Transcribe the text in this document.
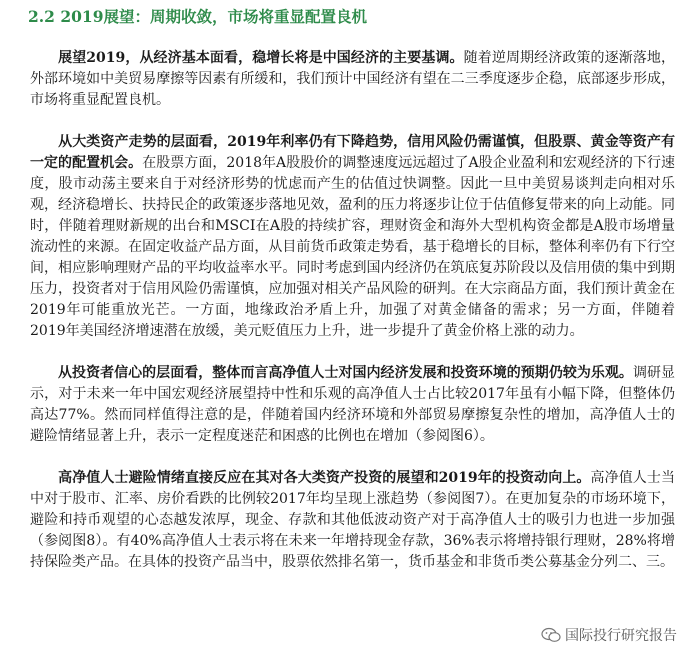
2.2 2019展望：周期收敛，市场将重显配置良机

展望2019，从经济基本面看，稳增长将是中国经济的主要基调。随着逆周期经济政策的逐渐落地，外部环境如中美贸易摩擦等因素有所缓和，我们预计中国经济有望在二三季度逐步企稳，底部逐步形成，市场将重显配置良机。

从大类资产走势的层面看，2019年利率仍有下降趋势，信用风险仍需谨慎，但股票、黄金等资产有一定的配置机会。在股票方面，2018年A股股价的调整速度远远超过了A股企业盈利和宏观经济的下行速度，股市动荡主要来自于对经济形势的忧虑而产生的估值过快调整。因此一旦中美贸易谈判走向相对乐观，经济稳增长、扶持民企的政策逐步落地见效，盈利的压力将逐步让位于估值修复带来的向上动能。同时，伴随着理财新规的出台和MSCI在A股的持续扩容，理财资金和海外大型机构资金都是A股市场增量流动性的来源。在固定收益产品方面，从目前货币政策走势看，基于稳增长的目标，整体利率仍有下行空间，相应影响理财产品的平均收益率水平。同时考虑到国内经济仍在筑底复苏阶段以及信用债的集中到期压力，投资者对于信用风险仍需谨慎，应加强对相关产品风险的研判。在大宗商品方面，我们预计黄金在2019年可能重放光芒。一方面，地缘政治矛盾上升，加强了对黄金储备的需求；另一方面，伴随着2019年美国经济增速潜在放缓，美元贬值压力上升，进一步提升了黄金价格上涨的动力。

从投资者信心的层面看，整体而言高净值人士对国内经济发展和投资环境的预期仍较为乐观。调研显示，对于未来一年中国宏观经济展望持中性和乐观的高净值人士占比较2017年虽有小幅下降，但整体仍高达77%。然而同样值得注意的是，伴随着国内经济环境和外部贸易摩擦复杂性的增加，高净值人士的避险情绪显著上升，表示一定程度迷茫和困惑的比例也在增加（参阅图6）。

高净值人士避险情绪直接反应在其对各大类资产投资的展望和2019年的投资动向上。高净值人士当中对于股市、汇率、房价看跌的比例较2017年均呈现上涨趋势（参阅图7）。在更加复杂的市场环境下，避险和持币观望的心态越发浓厚，现金、存款和其他低波动资产对于高净值人士的吸引力也进一步加强（参阅图8）。有40%高净值人士表示将在未来一年增持现金存款，36%表示将增持银行理财，28%将增持保险类产品。在具体的投资产品当中，股票依然排名第一，货币基金和非货币类公募基金分列二、三。

国际投行研究报告
